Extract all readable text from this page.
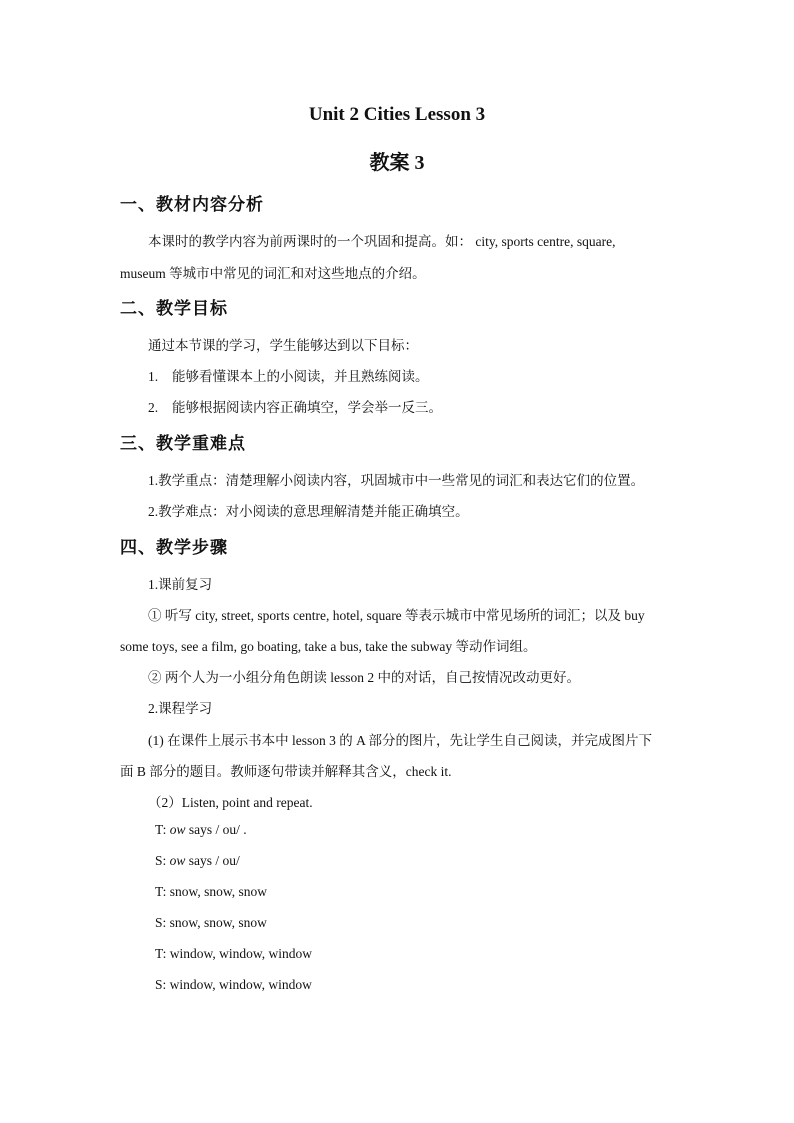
Unit 2 Cities Lesson 3
教案 3
一、教材内容分析
本课时的教学内容为前两课时的一个巩固和提高。如： city, sports centre, square,
museum 等城市中常见的词汇和对这些地点的介绍。
二、教学目标
通过本节课的学习，学生能够达到以下目标：
1. 能够看懂课本上的小阅读，并且熟练阅读。
2. 能够根据阅读内容正确填空，学会举一反三。
三、教学重难点
1.教学重点：清楚理解小阅读内容，巩固城市中一些常见的词汇和表达它们的位置。
2.教学难点：对小阅读的意思理解清楚并能正确填空。
四、教学步骤
1.课前复习
① 听写 city, street, sports centre, hotel, square 等表示城市中常见场所的词汇；以及 buy
some toys, see a film, go boating, take a bus, take the subway 等动作词组。
② 两个人为一小组分角色朗读 lesson 2 中的对话，自己按情况改动更好。
2.课程学习
(1) 在课件上展示书本中 lesson 3 的 A 部分的图片，先让学生自己阅读，并完成图片下
面 B 部分的题目。教师逐句带读并解释其含义，check it.
（2）Listen, point and repeat.
T: ow says / ou/ .
S: ow says / ou/
T: snow, snow, snow
S: snow, snow, snow
T: window, window, window
S: window, window, window
